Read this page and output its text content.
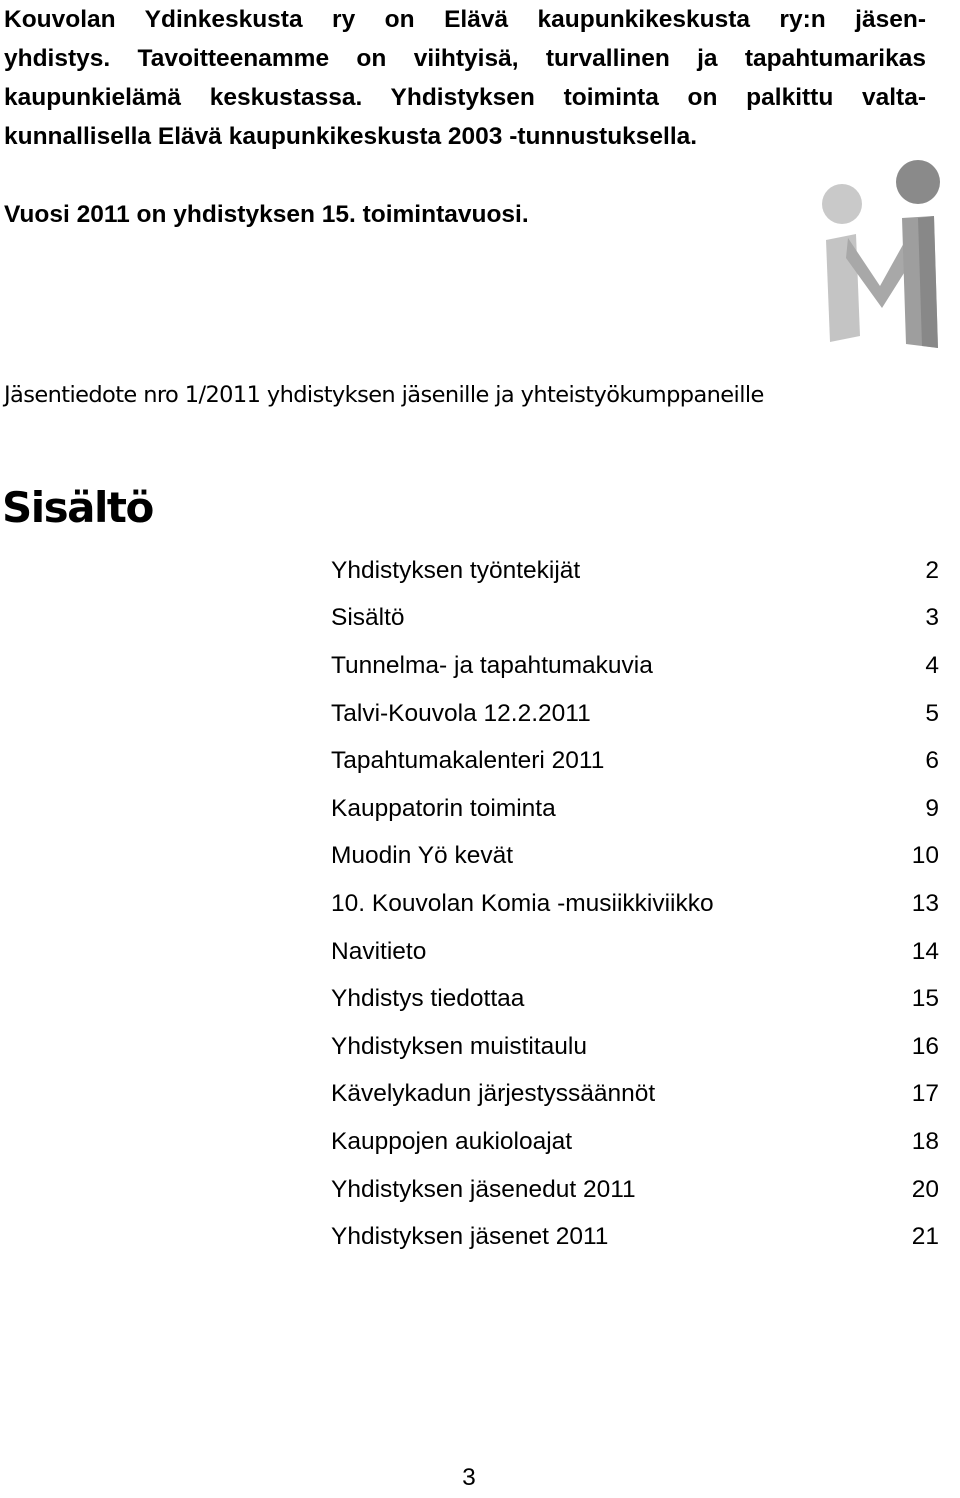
Kouvolan Ydinkeskusta ry on Elävä kaupunkikeskusta ry:n jäsen-
yhdistys. Tavoitteenamme on viihtyisä, turvallinen ja tapahtumarikas
kaupunkielämä keskustassa. Yhdistyksen toiminta on palkittu valta-
kunnallisella Elävä kaupunkikeskusta 2003 -tunnustuksella.

Vuosi 2011 on yhdistyksen 15. toimintavuosi.

Jäsentiedote nro 1/2011 yhdistyksen jäsenille ja yhteistyökumppaneille
Sisältö
Yhdistyksen työntekijät	2
Sisältö	3
Tunnelma- ja tapahtumakuvia	4
Talvi-Kouvola 12.2.2011	5
Tapahtumakalenteri 2011	6
Kauppatorin toiminta	9
Muodin Yö kevät	10
10. Kouvolan Komia -musiikkiviikko	13
Navitieto	14
Yhdistys tiedottaa	15
Yhdistyksen muistitaulu	16
Kävelykadun järjestyssäännöt	17
Kauppojen aukioloajat	18
Yhdistyksen jäsenedut 2011	20
Yhdistyksen jäsenet 2011	21
3
